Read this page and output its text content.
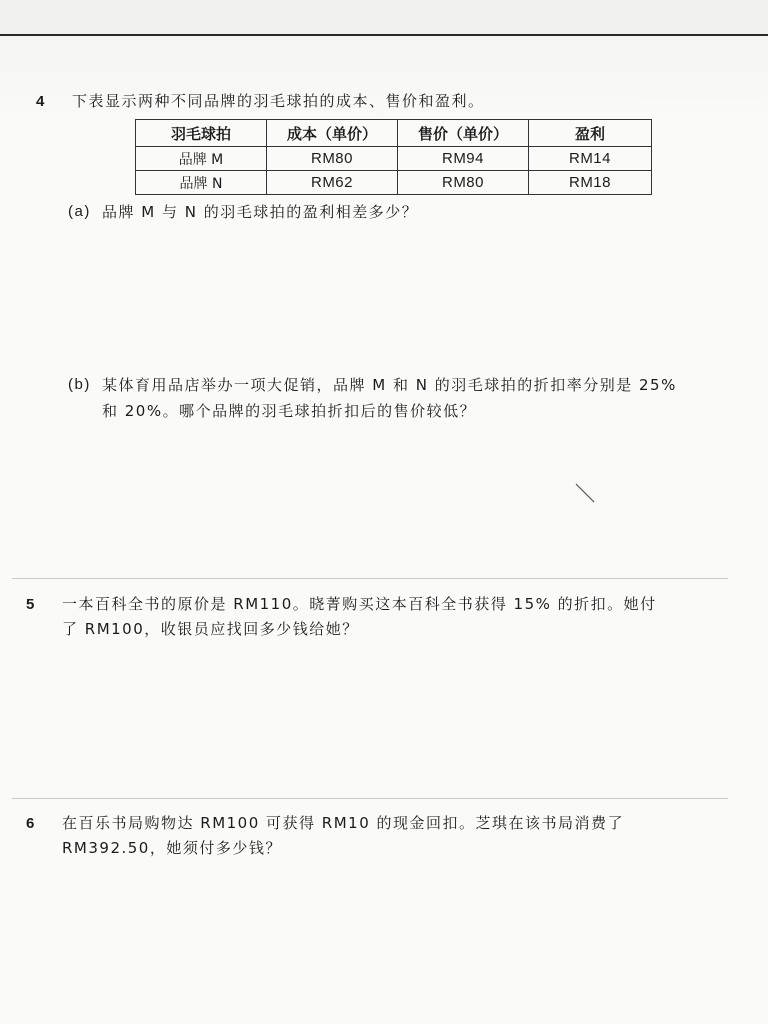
4 下表显示两种不同品牌的羽毛球拍的成本、售价和盈利。
羽毛球拍	成本（单价）	售价（单价）	盈利
品牌 M	RM80	RM94	RM14
品牌 N	RM62	RM80	RM18
(a) 品牌 M 与 N 的羽毛球拍的盈利相差多少？
(b) 某体育用品店举办一项大促销，品牌 M 和 N 的羽毛球拍的折扣率分别是 25%
和 20%。哪个品牌的羽毛球拍折扣后的售价较低？
5 一本百科全书的原价是 RM110。晓菁购买这本百科全书获得 15% 的折扣。她付
了 RM100，收银员应找回多少钱给她？
6 在百乐书局购物达 RM100 可获得 RM10 的现金回扣。芝琪在该书局消费了
RM392.50，她须付多少钱？
